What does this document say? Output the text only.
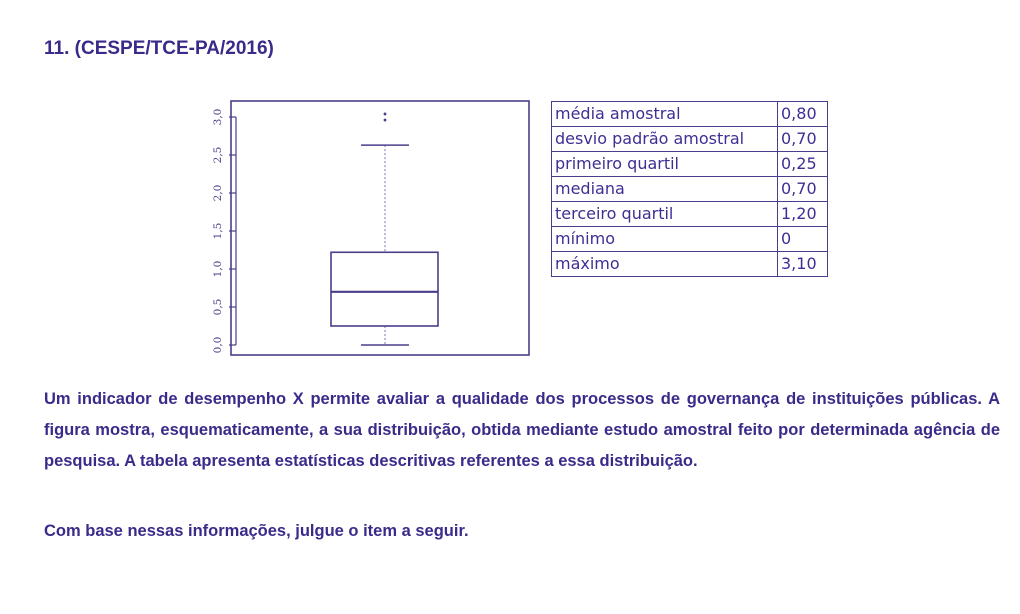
11. (CESPE/TCE-PA/2016)
0,0
0,5
1,0
1,5
2,0
2,5
3,0	média amostral	0,80
desvio padrão amostral	0,70
primeiro quartil	0,25
mediana	0,70
terceiro quartil	1,20
mínimo	0
máximo	3,10

Um indicador de desempenho X permite avaliar a qualidade dos processos de governança de instituições públicas. A figura mostra, esquematicamente, a sua distribuição, obtida mediante estudo amostral feito por determinada agência de pesquisa. A tabela apresenta estatísticas descritivas referentes a essa distribuição.

Com base nessas informações, julgue o item a seguir.
